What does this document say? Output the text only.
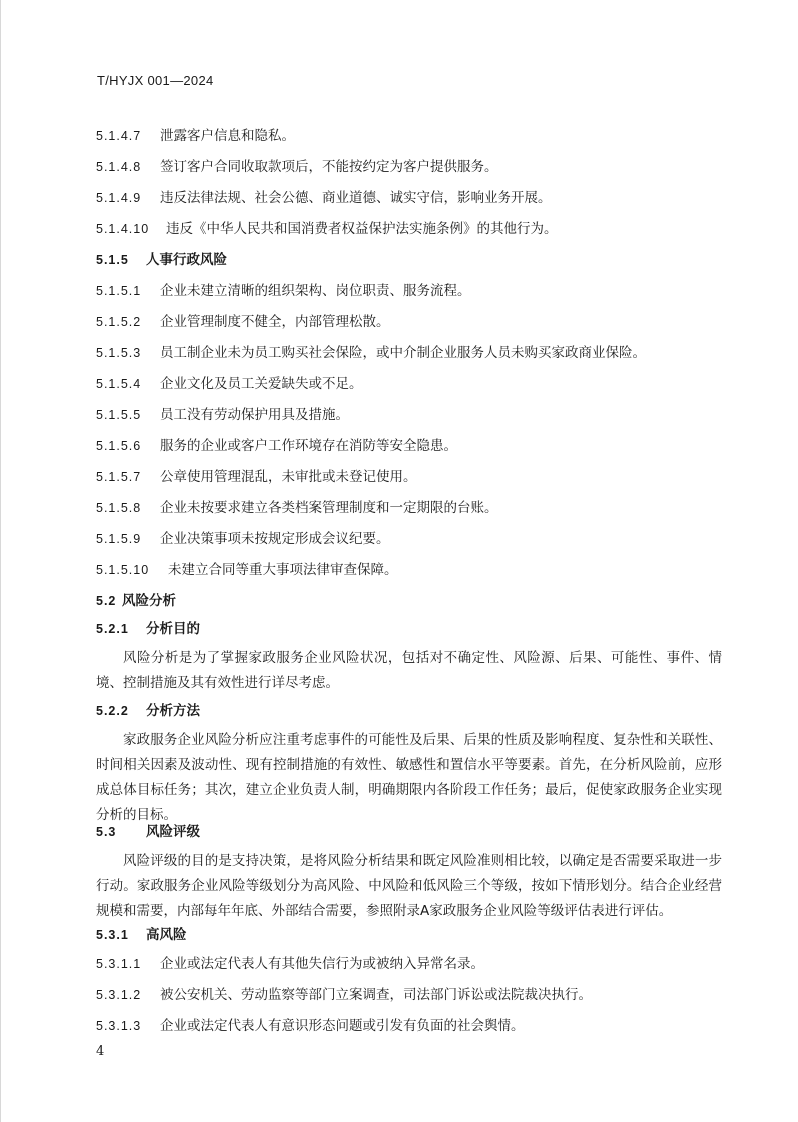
T/HYJX 001—2024
5.1.4.7 泄露客户信息和隐私。
5.1.4.8 签订客户合同收取款项后，不能按约定为客户提供服务。
5.1.4.9 违反法律法规、社会公德、商业道德、诚实守信，影响业务开展。
5.1.4.10 违反《中华人民共和国消费者权益保护法实施条例》的其他行为。
5.1.5 人事行政风险
5.1.5.1 企业未建立清晰的组织架构、岗位职责、服务流程。
5.1.5.2 企业管理制度不健全，内部管理松散。
5.1.5.3 员工制企业未为员工购买社会保险，或中介制企业服务人员未购买家政商业保险。
5.1.5.4 企业文化及员工关爱缺失或不足。
5.1.5.5 员工没有劳动保护用具及措施。
5.1.5.6 服务的企业或客户工作环境存在消防等安全隐患。
5.1.5.7 公章使用管理混乱，未审批或未登记使用。
5.1.5.8 企业未按要求建立各类档案管理制度和一定期限的台账。
5.1.5.9 企业决策事项未按规定形成会议纪要。
5.1.5.10 未建立合同等重大事项法律审查保障。
5.2 风险分析
5.2.1 分析目的
风险分析是为了掌握家政服务企业风险状况，包括对不确定性、风险源、后果、可能性、事件、情境、控制措施及其有效性进行详尽考虑。
5.2.2 分析方法
家政服务企业风险分析应注重考虑事件的可能性及后果、后果的性质及影响程度、复杂性和关联性、时间相关因素及波动性、现有控制措施的有效性、敏感性和置信水平等要素。首先，在分析风险前，应形成总体目标任务；其次，建立企业负责人制，明确期限内各阶段工作任务；最后，促使家政服务企业实现分析的目标。
5.3 风险评级
风险评级的目的是支持决策，是将风险分析结果和既定风险准则相比较，以确定是否需要采取进一步行动。家政服务企业风险等级划分为高风险、中风险和低风险三个等级，按如下情形划分。结合企业经营规模和需要，内部每年年底、外部结合需要，参照附录A家政服务企业风险等级评估表进行评估。
5.3.1 高风险
5.3.1.1 企业或法定代表人有其他失信行为或被纳入异常名录。
5.3.1.2 被公安机关、劳动监察等部门立案调查，司法部门诉讼或法院裁决执行。
5.3.1.3 企业或法定代表人有意识形态问题或引发有负面的社会舆情。
4
